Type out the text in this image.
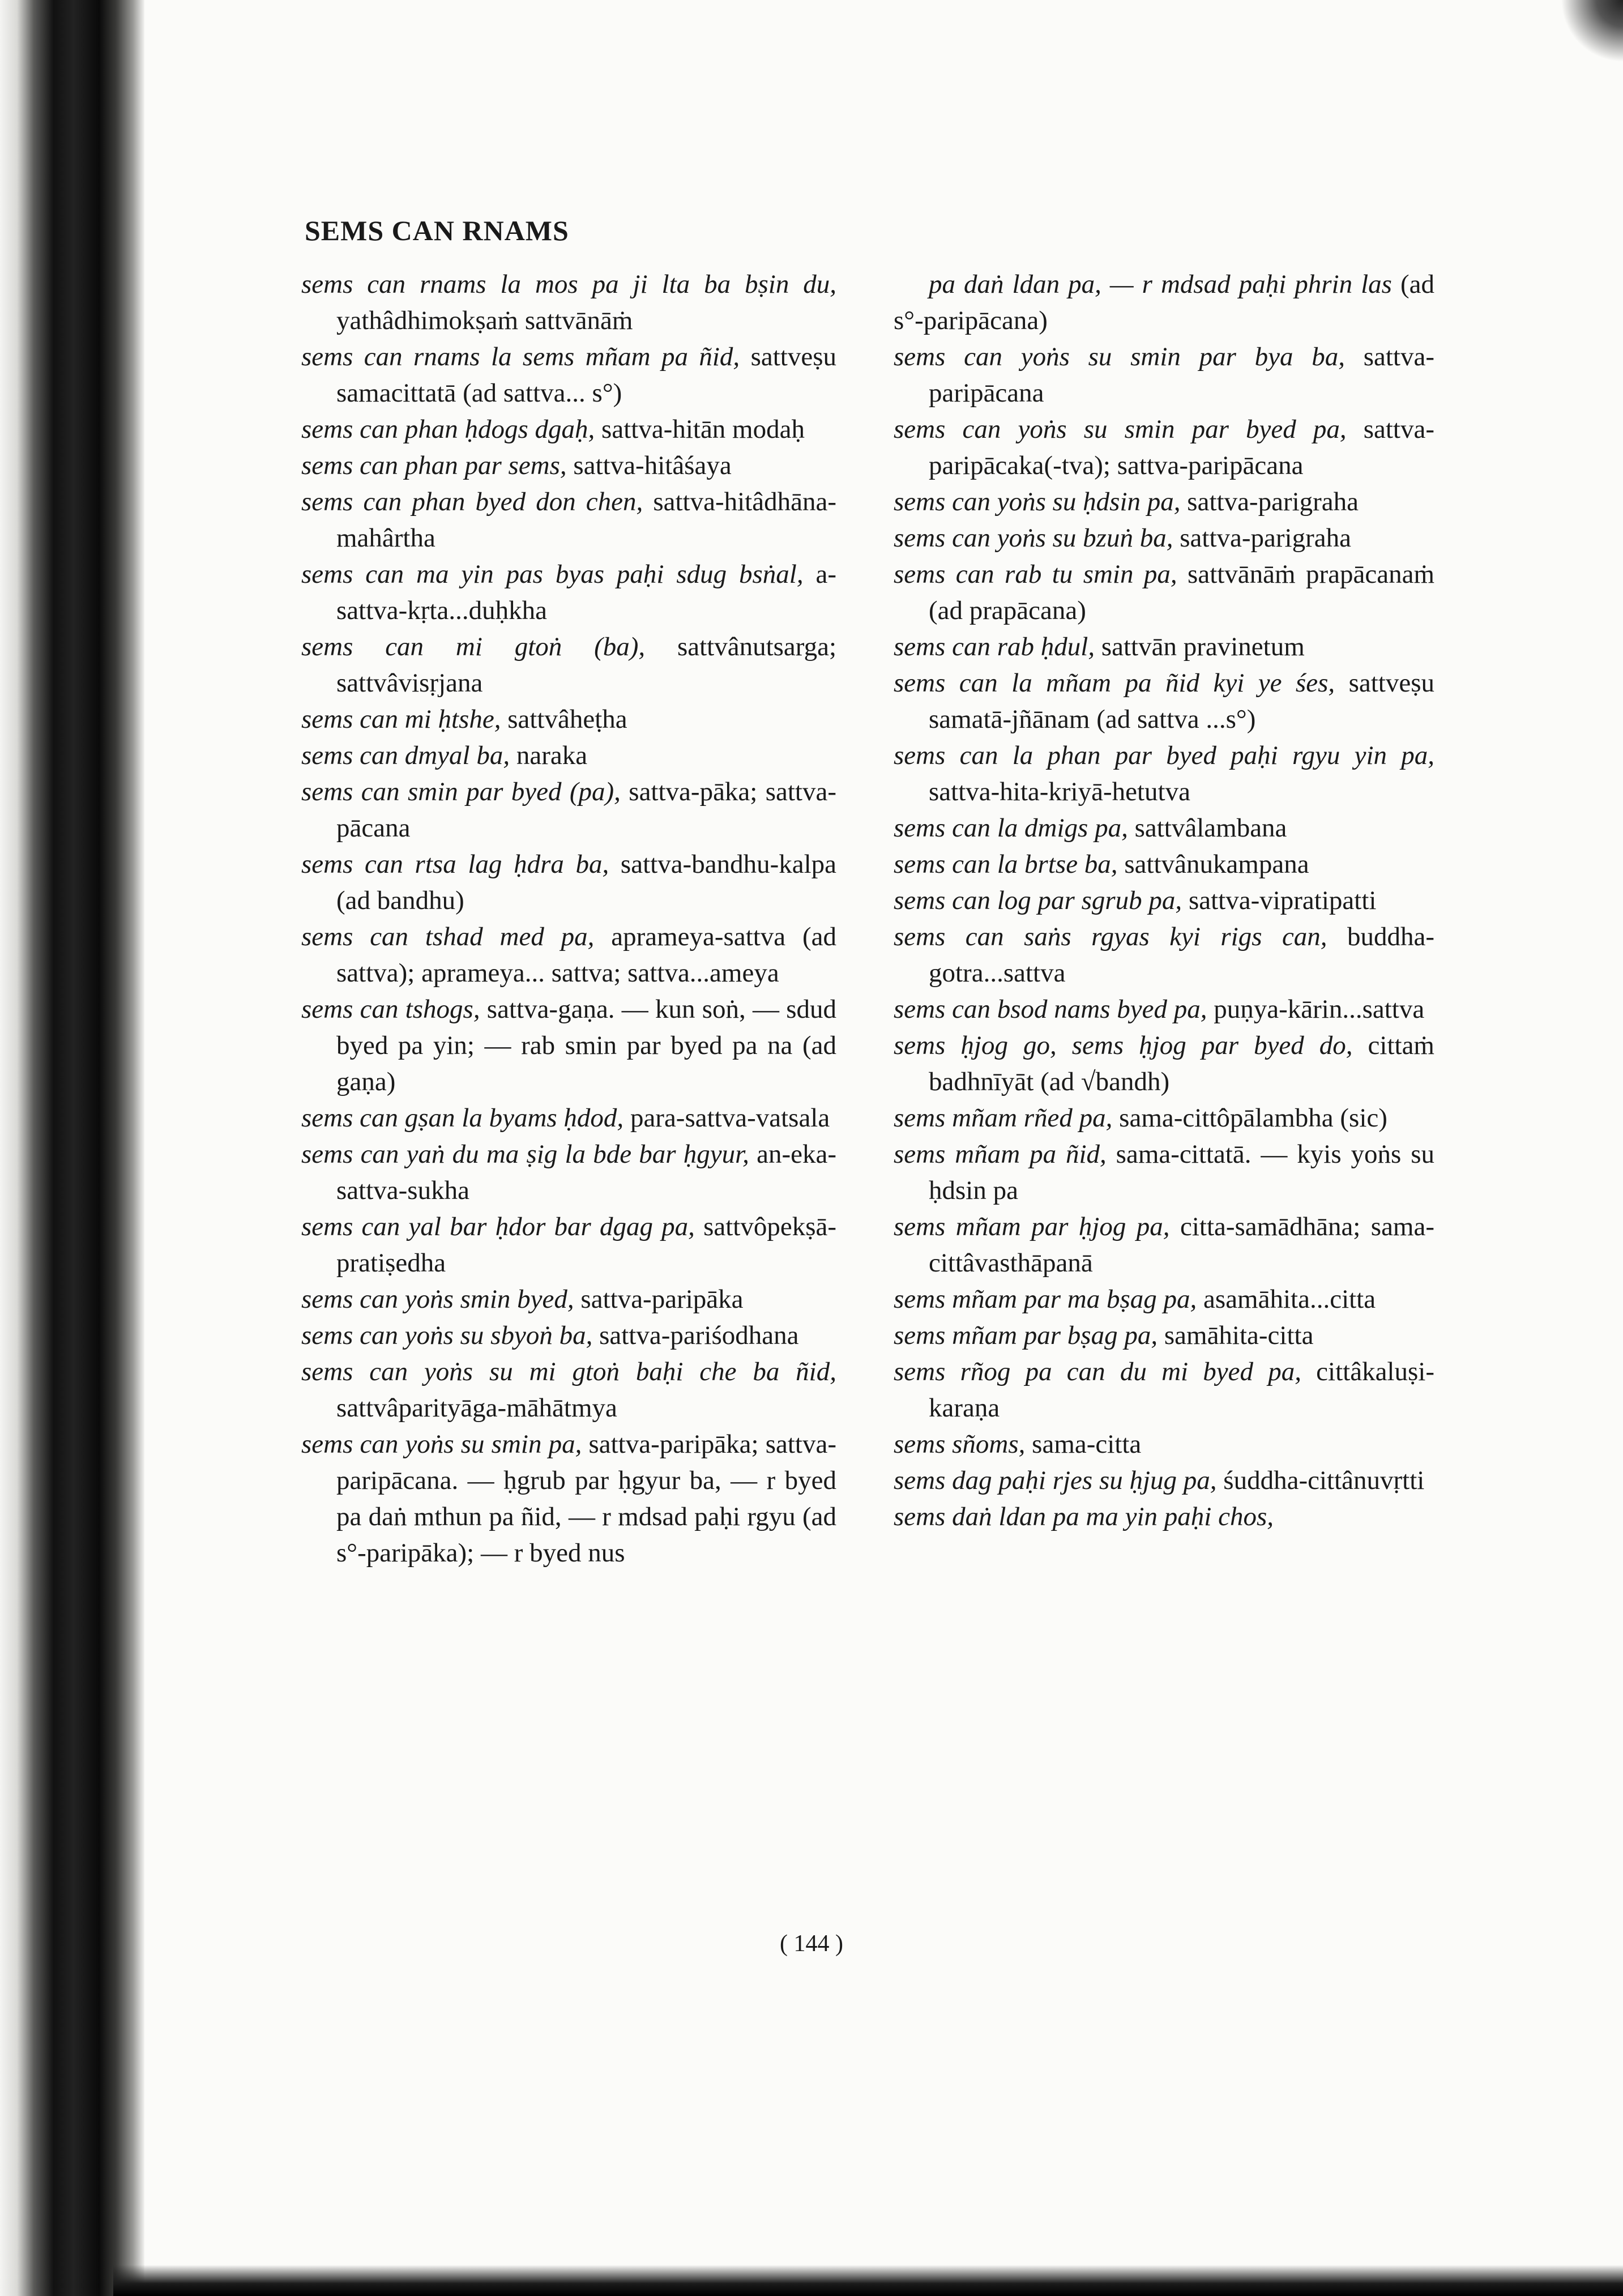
SEMS CAN RNAMS

sems can rnams la mos pa ji lta ba bṣin du, yathâdhimokṣaṁ sattvānāṁ

sems can rnams la sems mñam pa ñid, sattveṣu samacittatā (ad sattva... s°)

sems can phan ḥdogs dgaḥ, sattva-hitān modaḥ

sems can phan par sems, sattva-hitâśaya

sems can phan byed don chen, sattva-hitâdhāna-mahârtha

sems can ma yin pas byas paḥi sdug bsṅal, a-sattva-kṛta...duḥkha

sems can mi gtoṅ (ba), sattvânutsarga; sattvâvisṛjana

sems can mi ḥtshe, sattvâheṭha

sems can dmyal ba, naraka

sems can smin par byed (pa), sattva-pāka; sattva-pācana

sems can rtsa lag ḥdra ba, sattva-bandhu-kalpa (ad bandhu)

sems can tshad med pa, aprameya-sattva (ad sattva); aprameya... sattva; sattva...ameya

sems can tshogs, sattva-gaṇa. — kun soṅ, — sdud byed pa yin; — rab smin par byed pa na (ad gaṇa)

sems can gṣan la byams ḥdod, para-sattva-vatsala

sems can yaṅ du ma ṣig la bde bar ḥgyur, an-eka-sattva-sukha

sems can yal bar ḥdor bar dgag pa, sattvôpekṣā-pratiṣedha

sems can yoṅs smin byed, sattva-paripāka

sems can yoṅs su sbyoṅ ba, sattva-pariśodhana

sems can yoṅs su mi gtoṅ baḥi che ba ñid, sattvâparityāga-māhātmya

sems can yoṅs su smin pa, sattva-paripāka; sattva-paripācana. — ḥgrub par ḥgyur ba, — r byed pa daṅ mthun pa ñid, — r mdsad paḥi rgyu (ad s°-paripāka); — r byed nus

pa daṅ ldan pa, — r mdsad paḥi phrin las (ad s°-paripācana)

sems can yoṅs su smin par bya ba, sattva-paripācana

sems can yoṅs su smin par byed pa, sattva-paripācaka(-tva); sattva-paripācana

sems can yoṅs su ḥdsin pa, sattva-parigraha

sems can yoṅs su bzuṅ ba, sattva-parigraha

sems can rab tu smin pa, sattvānāṁ prapācanaṁ (ad prapācana)

sems can rab ḥdul, sattvān pravinetum

sems can la mñam pa ñid kyi ye śes, sattveṣu samatā-jñānam (ad sattva ...s°)

sems can la phan par byed paḥi rgyu yin pa, sattva-hita-kriyā-hetutva

sems can la dmigs pa, sattvâlambana

sems can la brtse ba, sattvânukampana

sems can log par sgrub pa, sattva-vipratipatti

sems can saṅs rgyas kyi rigs can, buddha-gotra...sattva

sems can bsod nams byed pa, puṇya-kārin...sattva

sems ḥjog go, sems ḥjog par byed do, cittaṁ badhnīyāt (ad √bandh)

sems mñam rñed pa, sama-cittôpālambha (sic)

sems mñam pa ñid, sama-cittatā. — kyis yoṅs su ḥdsin pa

sems mñam par ḥjog pa, citta-samādhāna; sama-cittâvasthāpanā

sems mñam par ma bṣag pa, asamāhita...citta

sems mñam par bṣag pa, samāhita-citta

sems rñog pa can du mi byed pa, cittâkaluṣi-karaṇa

sems sñoms, sama-citta

sems dag paḥi rjes su ḥjug pa, śuddha-cittânuvṛtti

sems daṅ ldan pa ma yin paḥi chos,

( 144 )
